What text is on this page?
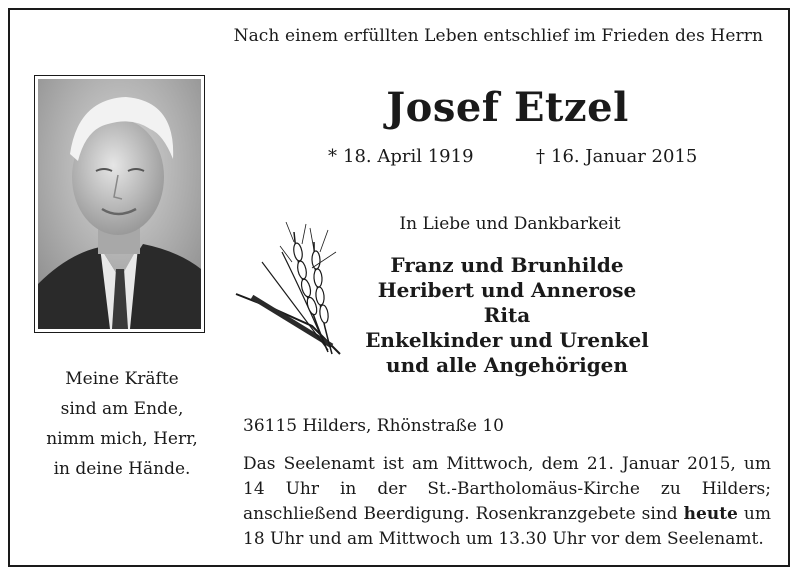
Nach einem erfüllten Leben entschlief im Frieden des Herrn
Josef Etzel
* 18. April 1919	† 16. Januar 2015
In Liebe und Dankbarkeit
Franz und Brunhilde
Heribert und Annerose
Rita
Enkelkinder und Urenkel
und alle Angehörigen
Meine Kräfte
sind am Ende,
nimm mich, Herr,
in deine Hände.
36115 Hilders, Rhönstraße 10
Das Seelenamt ist am Mittwoch, dem 21. Januar 2015, um 14 Uhr in der St.-Bartholomäus-Kirche zu Hilders; anschließend Beerdigung. Rosenkranzgebete sind heute um 18 Uhr und am Mittwoch um 13.30 Uhr vor dem Seelenamt.
